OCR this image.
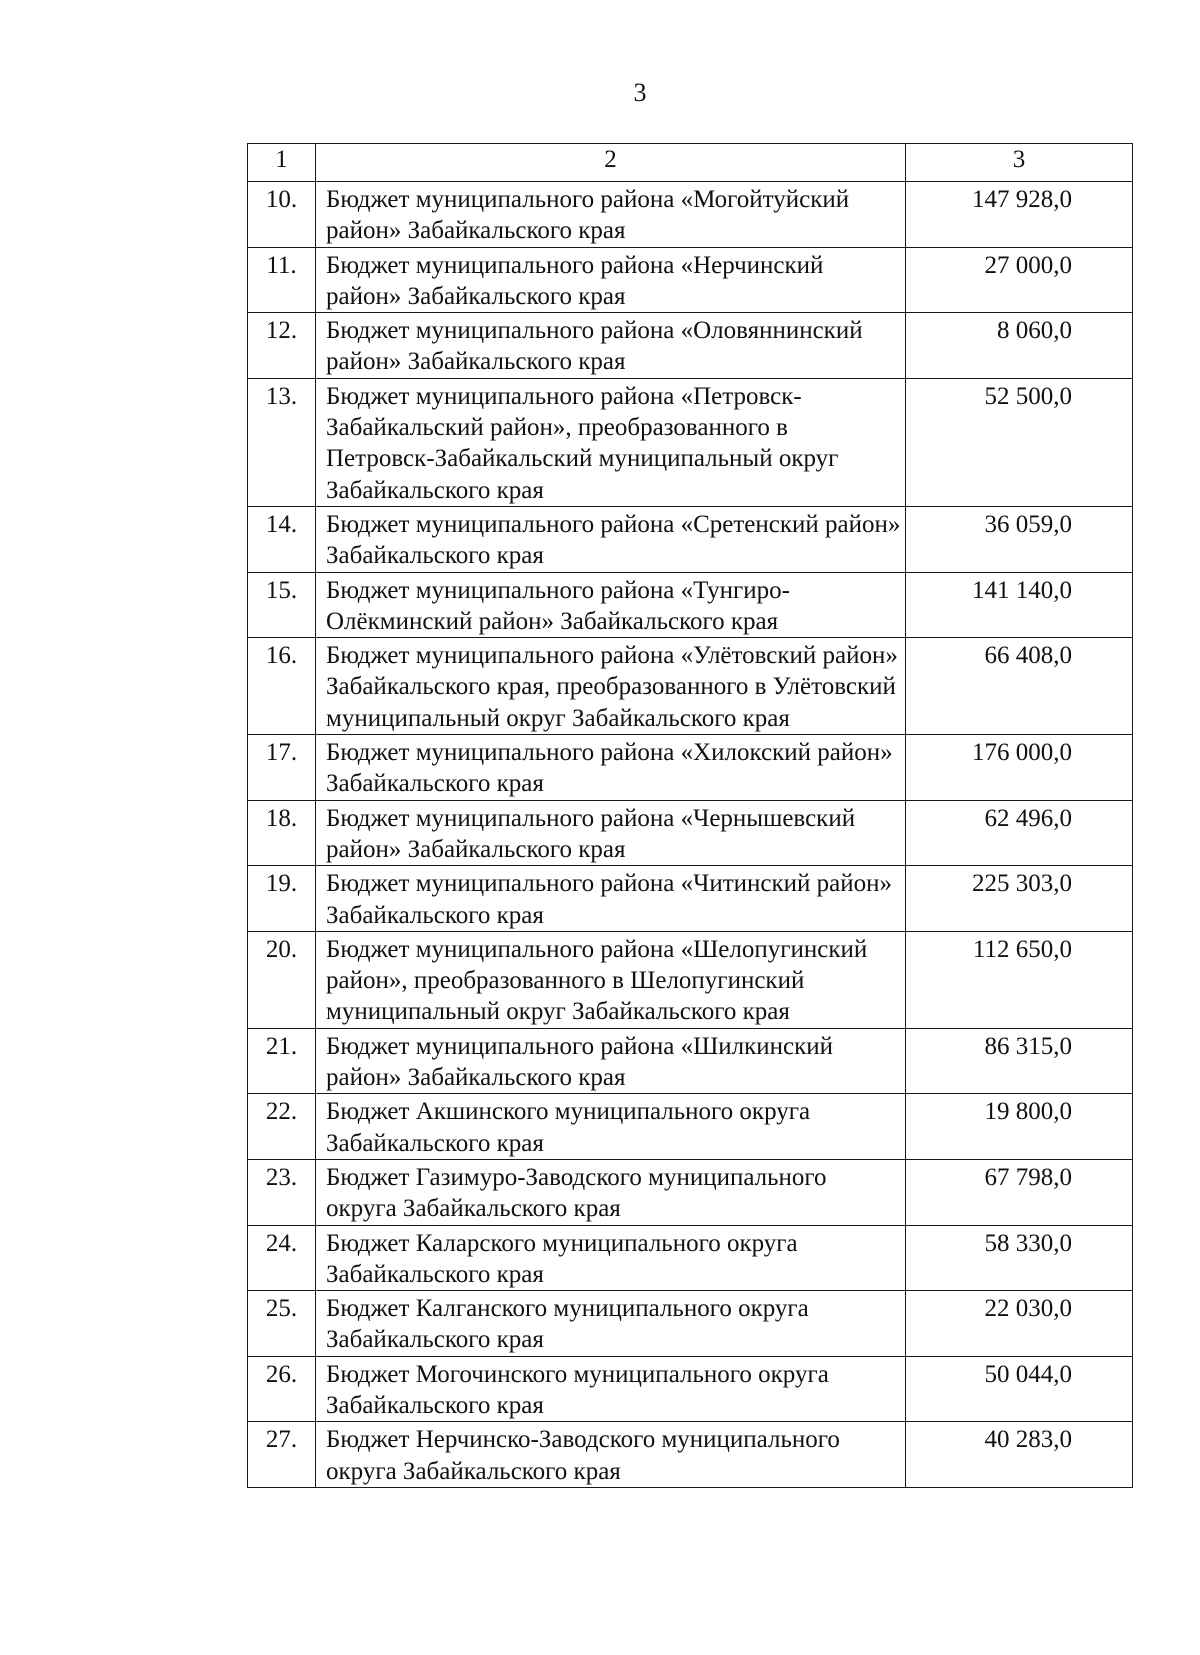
3
1	2	3
10.	Бюджет муниципального района «Могойтуйский район» Забайкальского края	147 928,0
11.	Бюджет муниципального района «Нерчинский район» Забайкальского края	27 000,0
12.	Бюджет муниципального района «Оловяннинский район» Забайкальского края	8 060,0
13.	Бюджет муниципального района «Петровск-Забайкальский район», преобразованного в Петровск-Забайкальский муниципальный округ Забайкальского края	52 500,0
14.	Бюджет муниципального района «Сретенский район» Забайкальского края	36 059,0
15.	Бюджет муниципального района «Тунгиро-Олёкминский район» Забайкальского края	141 140,0
16.	Бюджет муниципального района «Улётовский район» Забайкальского края, преобразованного в Улётовский муниципальный округ Забайкальского края	66 408,0
17.	Бюджет муниципального района «Хилокский район» Забайкальского края	176 000,0
18.	Бюджет муниципального района «Чернышевский район» Забайкальского края	62 496,0
19.	Бюджет муниципального района «Читинский район» Забайкальского края	225 303,0
20.	Бюджет муниципального района «Шелопугинский район», преобразованного в Шелопугинский муниципальный округ Забайкальского края	112 650,0
21.	Бюджет муниципального района «Шилкинский район» Забайкальского края	86 315,0
22.	Бюджет Акшинского муниципального округа Забайкальского края	19 800,0
23.	Бюджет Газимуро-Заводского муниципального округа Забайкальского края	67 798,0
24.	Бюджет Каларского муниципального округа Забайкальского края	58 330,0
25.	Бюджет Калганского муниципального округа Забайкальского края	22 030,0
26.	Бюджет Могочинского муниципального округа Забайкальского края	50 044,0
27.	Бюджет Нерчинско-Заводского муниципального округа Забайкальского края	40 283,0
